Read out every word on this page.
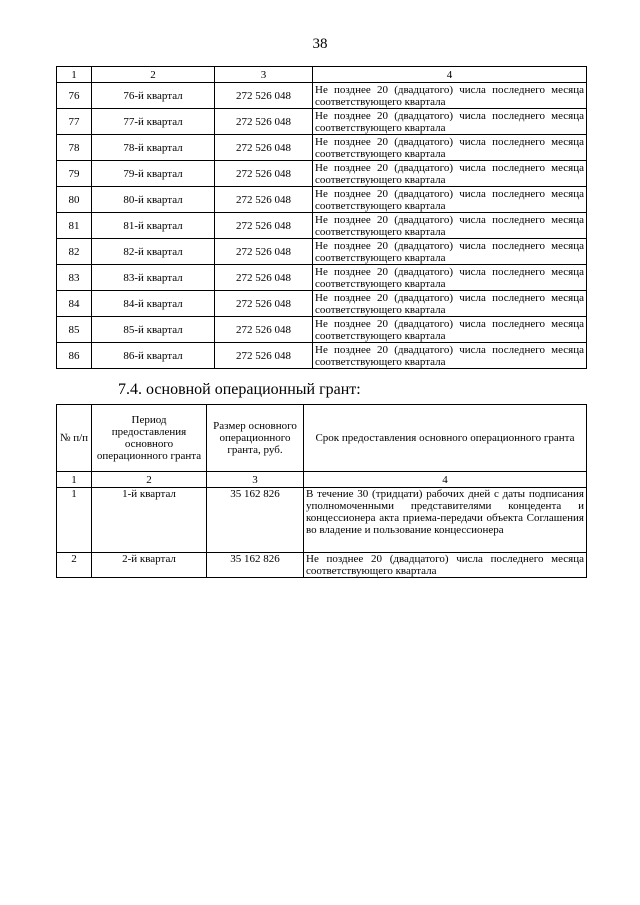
38
1	2	3	4
76	76-й квартал	272 526 048	Не позднее 20 (двадцатого) числа последнего месяца соответствующего квартала
77	77-й квартал	272 526 048	Не позднее 20 (двадцатого) числа последнего месяца соответствующего квартала
78	78-й квартал	272 526 048	Не позднее 20 (двадцатого) числа последнего месяца соответствующего квартала
79	79-й квартал	272 526 048	Не позднее 20 (двадцатого) числа последнего месяца соответствующего квартала
80	80-й квартал	272 526 048	Не позднее 20 (двадцатого) числа последнего месяца соответствующего квартала
81	81-й квартал	272 526 048	Не позднее 20 (двадцатого) числа последнего месяца соответствующего квартала
82	82-й квартал	272 526 048	Не позднее 20 (двадцатого) числа последнего месяца соответствующего квартала
83	83-й квартал	272 526 048	Не позднее 20 (двадцатого) числа последнего месяца соответствующего квартала
84	84-й квартал	272 526 048	Не позднее 20 (двадцатого) числа последнего месяца соответствующего квартала
85	85-й квартал	272 526 048	Не позднее 20 (двадцатого) числа последнего месяца соответствующего квартала
86	86-й квартал	272 526 048	Не позднее 20 (двадцатого) числа последнего месяца соответствующего квартала
7.4. основной операционный грант:
№ п/п	Период предоставления основного операционного гранта	Размер основного операционного гранта, руб.	Срок предоставления основного операционного гранта
1	2	3	4
1	1-й квартал	35 162 826	В течение 30 (тридцати) рабочих дней с даты подписания уполномоченными представителями концедента и концессионера акта приема-передачи объекта Соглашения во владение и пользование концессионера
2	2-й квартал	35 162 826	Не позднее 20 (двадцатого) числа последнего месяца соответствующего квартала
